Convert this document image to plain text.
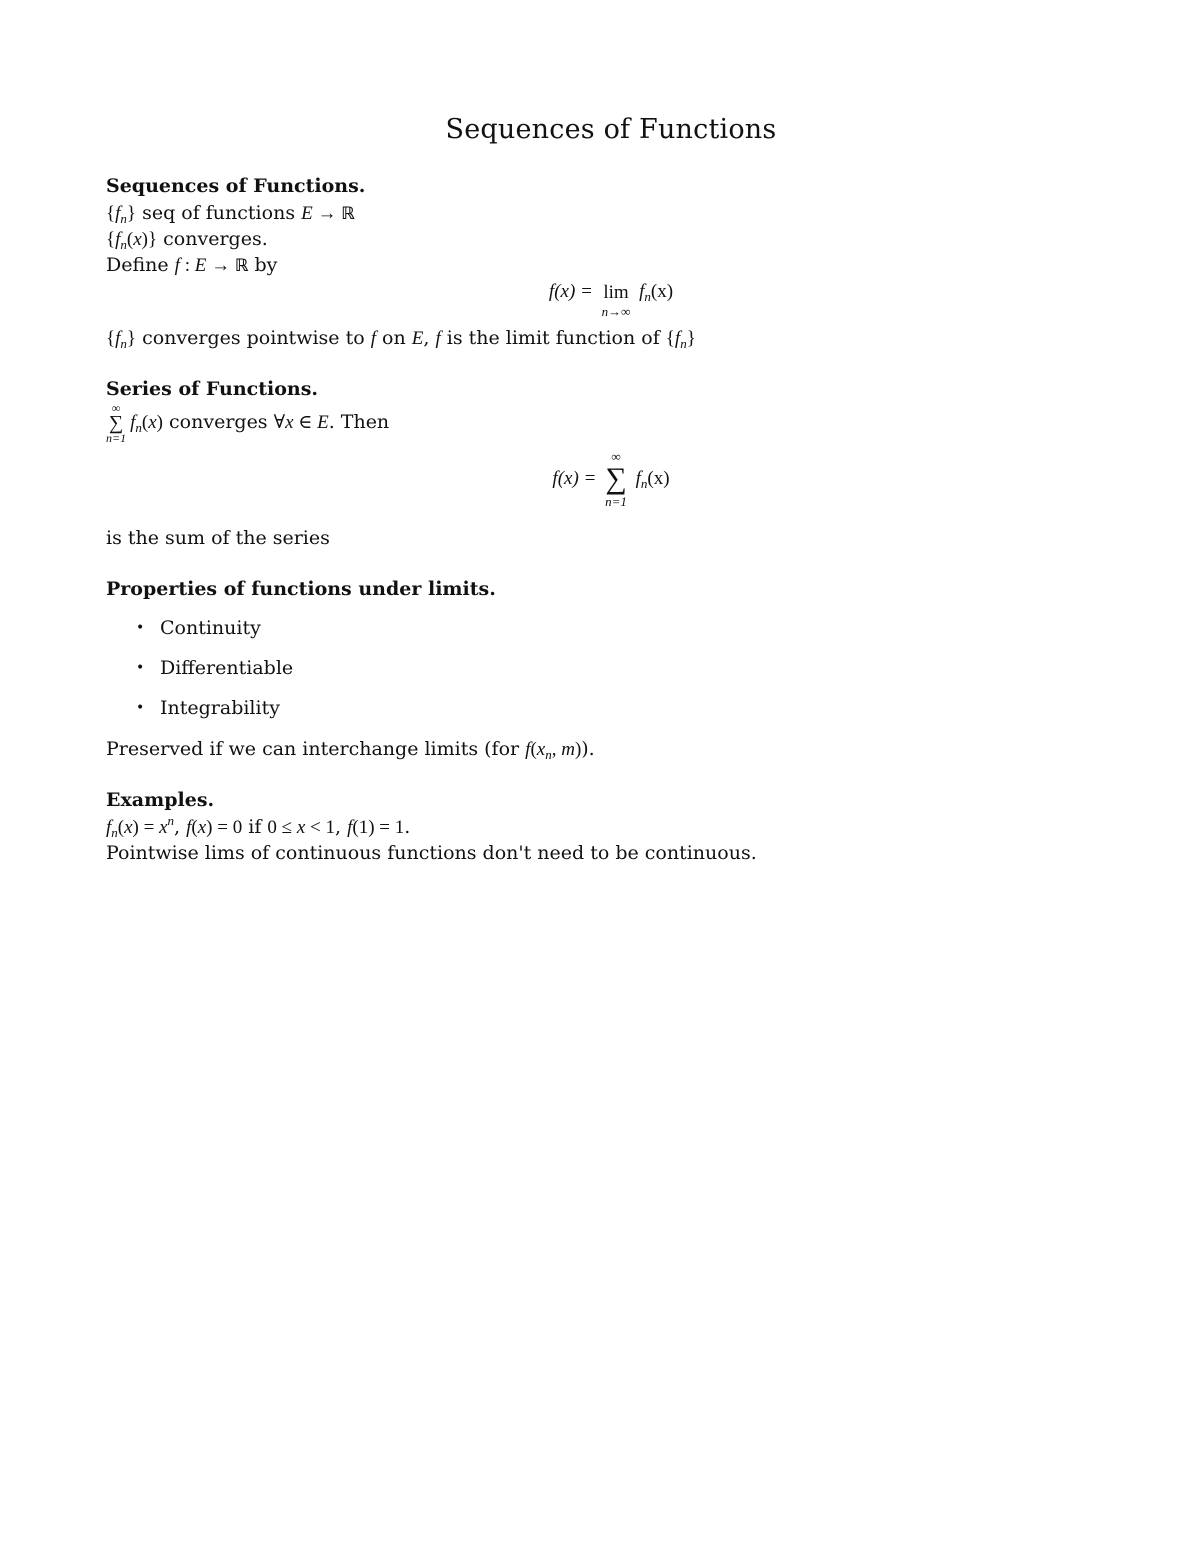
Sequences of Functions
Sequences of Functions.
$\{f_n\}$ seq of functions E → ℝ
$\{f_n(x)\}$ converges.
Define f : E → ℝ by
f(x) = lim
n→∞
$f_n(x)$
$\{f_n\}$ converges pointwise to f on E, f is the limit function of $\{f_n\}$
Series of Functions.
∞
∑
n=1
$f_n(x)$ converges ∀x ∈ E. Then
f(x) =
∞
∑
n=1
$f_n(x)$
is the sum of the series
Properties of functions under limits.
• Continuity
• Differentiable
• Integrability
Preserved if we can interchange limits (for $f(x_n$, m)).
Examples.
$f_n(x) = x^n$, f(x) = 0 if 0 ≤ x < 1, f(1) = 1.
Pointwise lims of continuous functions don't need to be continuous.
